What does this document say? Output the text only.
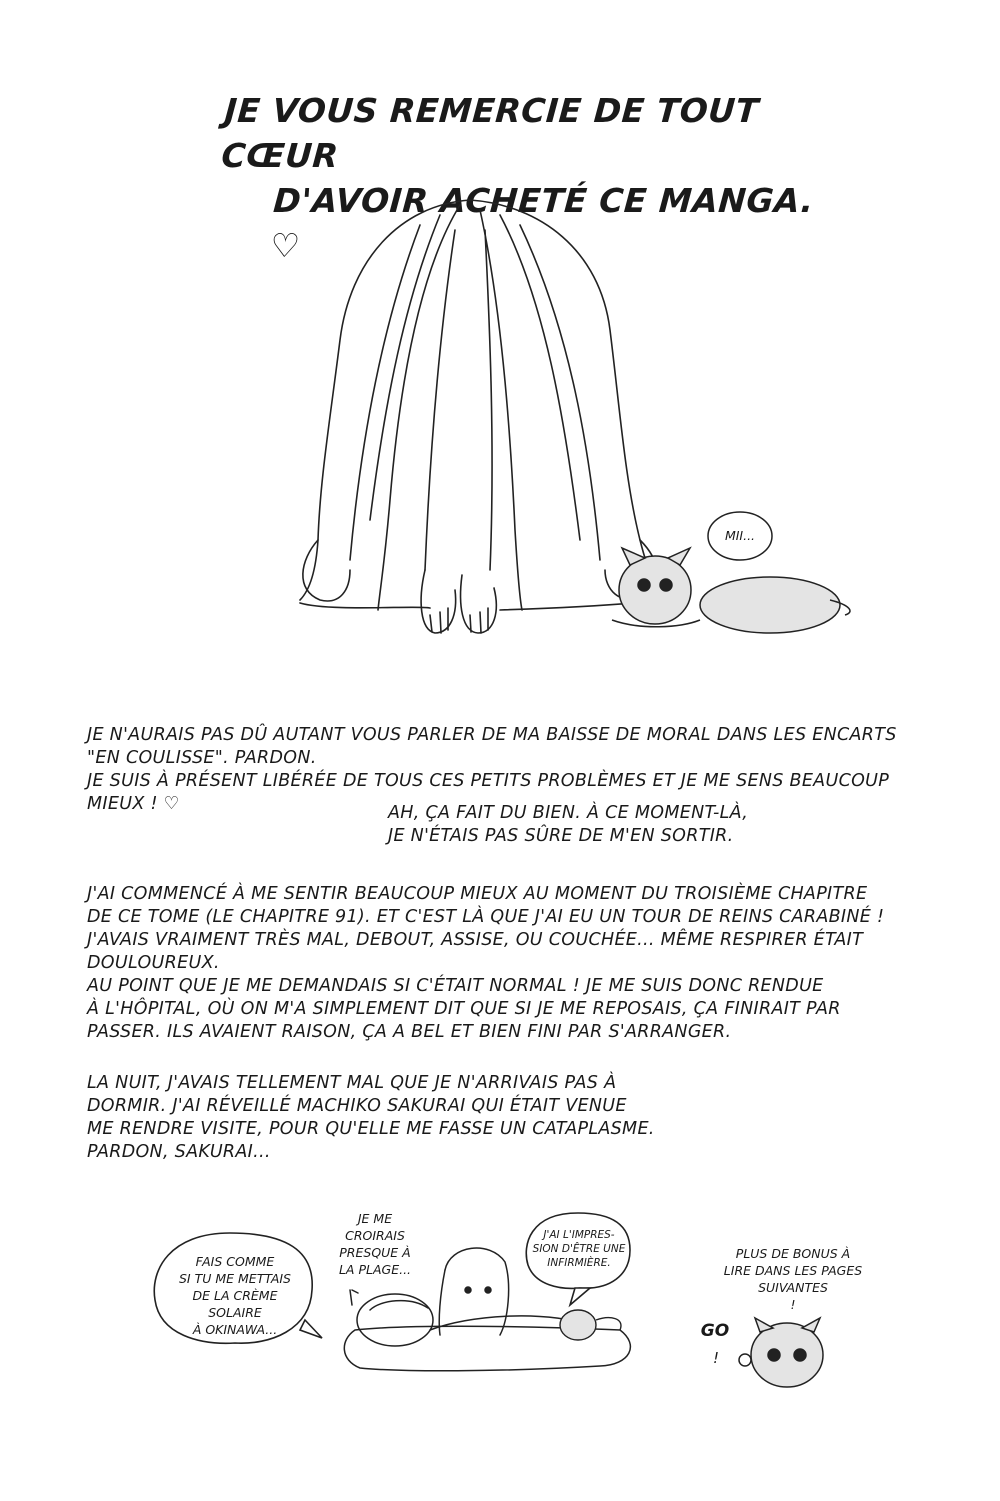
JE VOUS REMERCIE DE TOUT CŒUR
D'AVOIR ACHETÉ CE MANGA. ♡
MII...
JE N'AURAIS PAS DÛ AUTANT VOUS PARLER DE MA BAISSE DE MORAL DANS LES ENCARTS
"EN COULISSE". PARDON.
JE SUIS À PRÉSENT LIBÉRÉE DE TOUS CES PETITS PROBLÈMES ET JE ME SENS BEAUCOUP
MIEUX ! ♡	AH, ÇA FAIT DU BIEN. À CE MOMENT-LÀ,
JE N'ÉTAIS PAS SÛRE DE M'EN SORTIR.
J'AI COMMENCÉ À ME SENTIR BEAUCOUP MIEUX AU MOMENT DU TROISIÈME CHAPITRE
DE CE TOME (LE CHAPITRE 91). ET C'EST LÀ QUE J'AI EU UN TOUR DE REINS CARABINÉ !
J'AVAIS VRAIMENT TRÈS MAL, DEBOUT, ASSISE, OU COUCHÉE... MÊME RESPIRER ÉTAIT
DOULOUREUX.
AU POINT QUE JE ME DEMANDAIS SI C'ÉTAIT NORMAL ! JE ME SUIS DONC RENDUE
À L'HÔPITAL, OÙ ON M'A SIMPLEMENT DIT QUE SI JE ME REPOSAIS, ÇA FINIRAIT PAR
PASSER. ILS AVAIENT RAISON, ÇA A BEL ET BIEN FINI PAR S'ARRANGER.
LA NUIT, J'AVAIS TELLEMENT MAL QUE JE N'ARRIVAIS PAS À
DORMIR. J'AI RÉVEILLÉ MACHIKO SAKURAI QUI ÉTAIT VENUE
ME RENDRE VISITE, POUR QU'ELLE ME FASSE UN CATAPLASME.
PARDON, SAKURAI...
FAIS COMME
SI TU ME METTAIS
DE LA CRÈME SOLAIRE
À OKINAWA...
JE ME
CROIRAIS
PRESQUE À
LA PLAGE...
J'AI L'IMPRES-
SION D'ÊTRE UNE
INFIRMIÈRE.
PLUS DE BONUS À
LIRE DANS LES PAGES
SUIVANTES
!
GO
!
